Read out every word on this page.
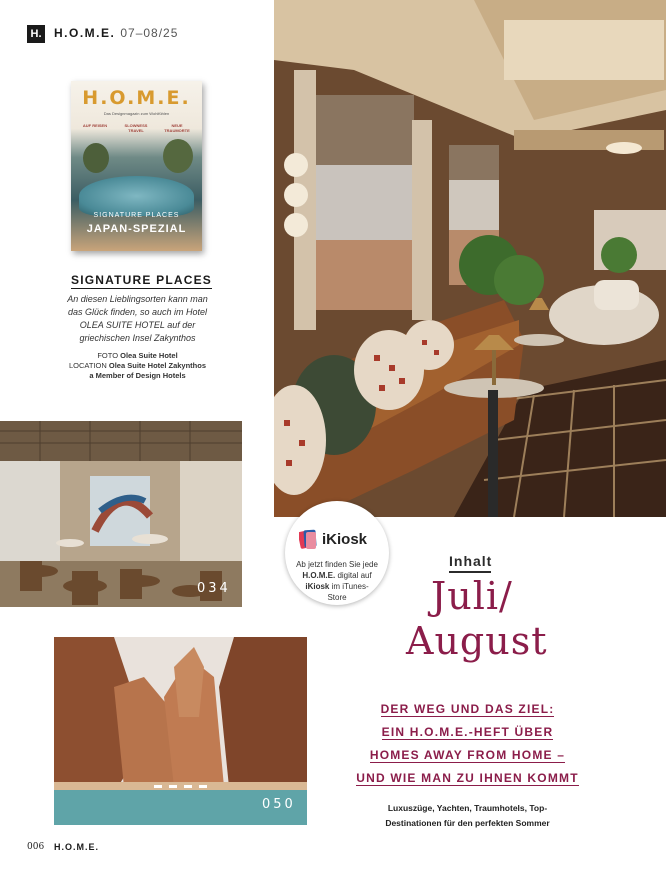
H. H.O.M.E. 07–08/25
H.O.M.E.
Das Designmagazin zum Wohlfühlen
AUF REISEN	SLOWNESS TRAVEL
NEUE TRAUMORTE
SIGNATURE PLACES
JAPAN-SPEZIAL
SIGNATURE PLACES
An diesen Lieblingsorten kann man das Glück finden, so auch im Hotel OLEA SUITE HOTEL auf der griechischen Insel Zakynthos
FOTO Olea Suite Hotel
LOCATION Olea Suite Hotel Zakynthos
a Member of Design Hotels
034
050
iKiosk
Ab jetzt finden Sie jede
H.O.M.E. digital auf
iKiosk im iTunes-
Store
Inhalt
Juli/
August
DER WEG UND DAS ZIEL:
EIN H.O.M.E.-HEFT ÜBER
HOMES AWAY FROM HOME –
UND WIE MAN ZU IHNEN KOMMT
Luxuszüge, Yachten, Traumhotels, Top-
Destinationen für den perfekten Sommer
006 H.O.M.E.
